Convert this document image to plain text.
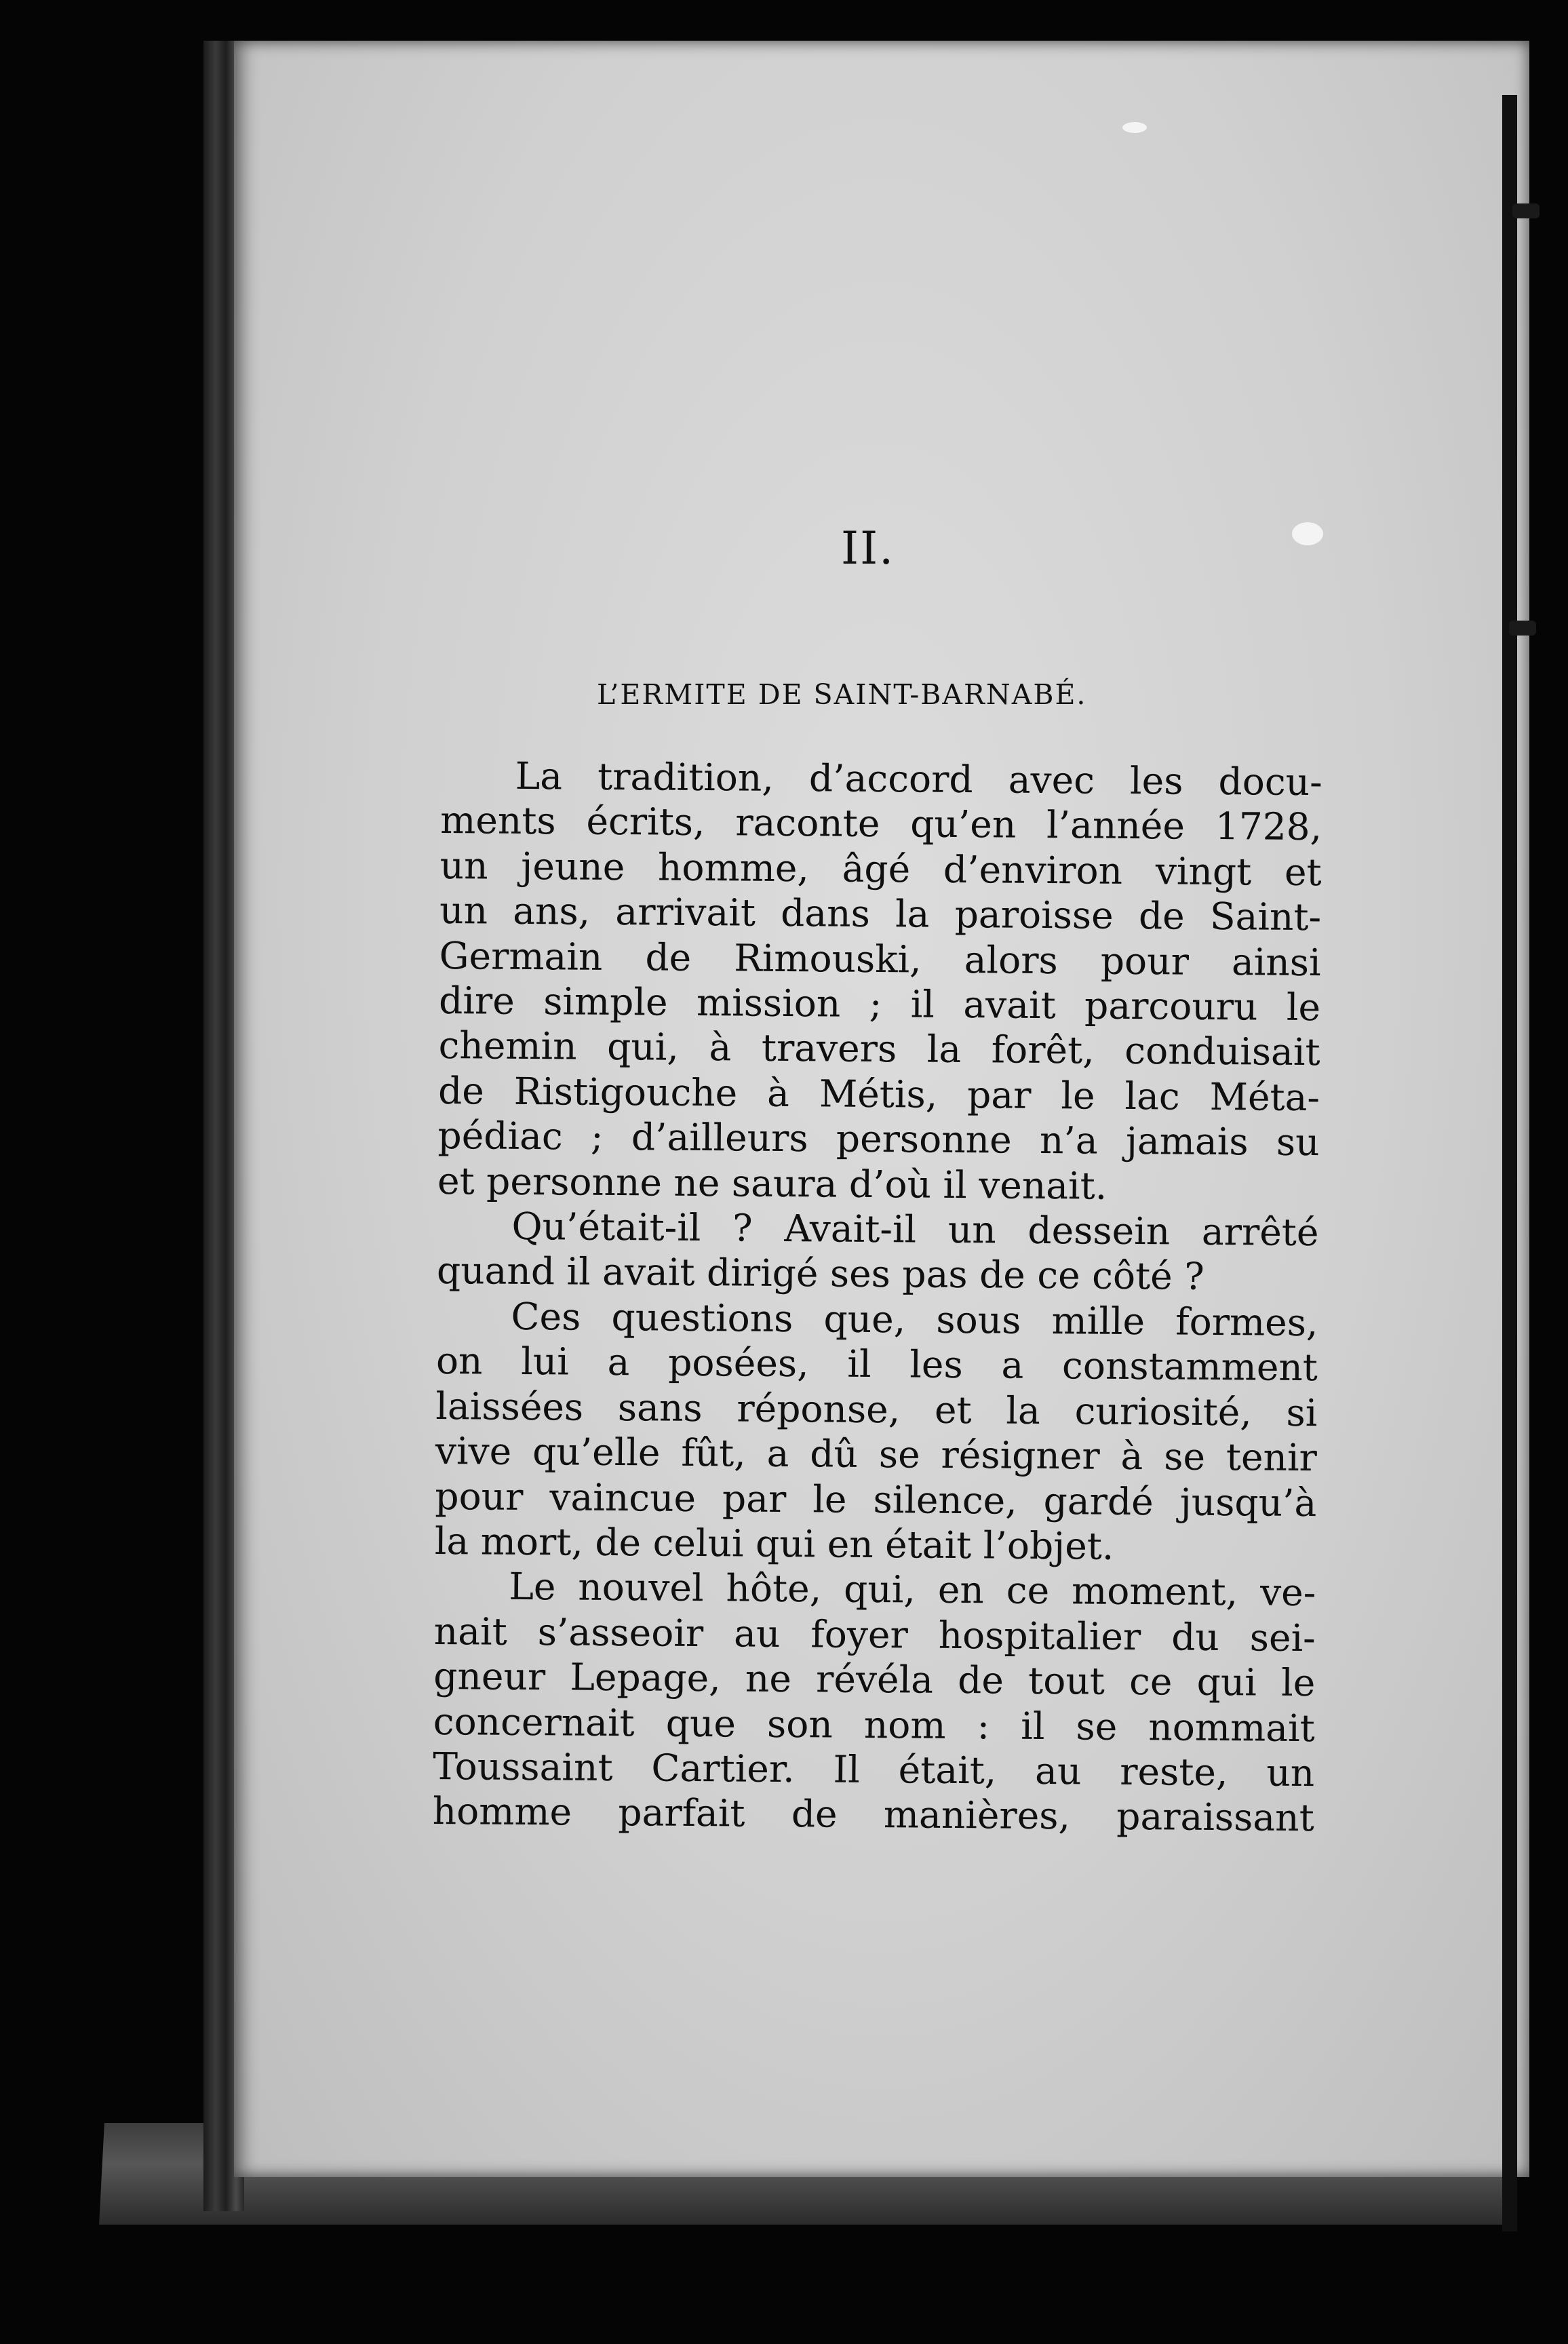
II.
L’ERMITE DE SAINT-BARNABÉ.
La tradition, d’accord avec les docu-
ments écrits, raconte qu’en l’année 1728,
un jeune homme, âgé d’environ vingt et
un ans, arrivait dans la paroisse de Saint-
Germain de Rimouski, alors pour ainsi
dire simple mission ; il avait parcouru le
chemin qui, à travers la forêt, conduisait
de Ristigouche à Métis, par le lac Méta-
pédiac ; d’ailleurs personne n’a jamais su
et personne ne saura d’où il venait.
Qu’était-il ? Avait-il un dessein arrêté
quand il avait dirigé ses pas de ce côté ?
Ces questions que, sous mille formes,
on lui a posées, il les a constamment
laissées sans réponse, et la curiosité, si
vive qu’elle fût, a dû se résigner à se tenir
pour vaincue par le silence, gardé jusqu’à
la mort, de celui qui en était l’objet.
Le nouvel hôte, qui, en ce moment, ve-
nait s’asseoir au foyer hospitalier du sei-
gneur Lepage, ne révéla de tout ce qui le
concernait que son nom : il se nommait
Toussaint Cartier. Il était, au reste, un
homme parfait de manières, paraissant
